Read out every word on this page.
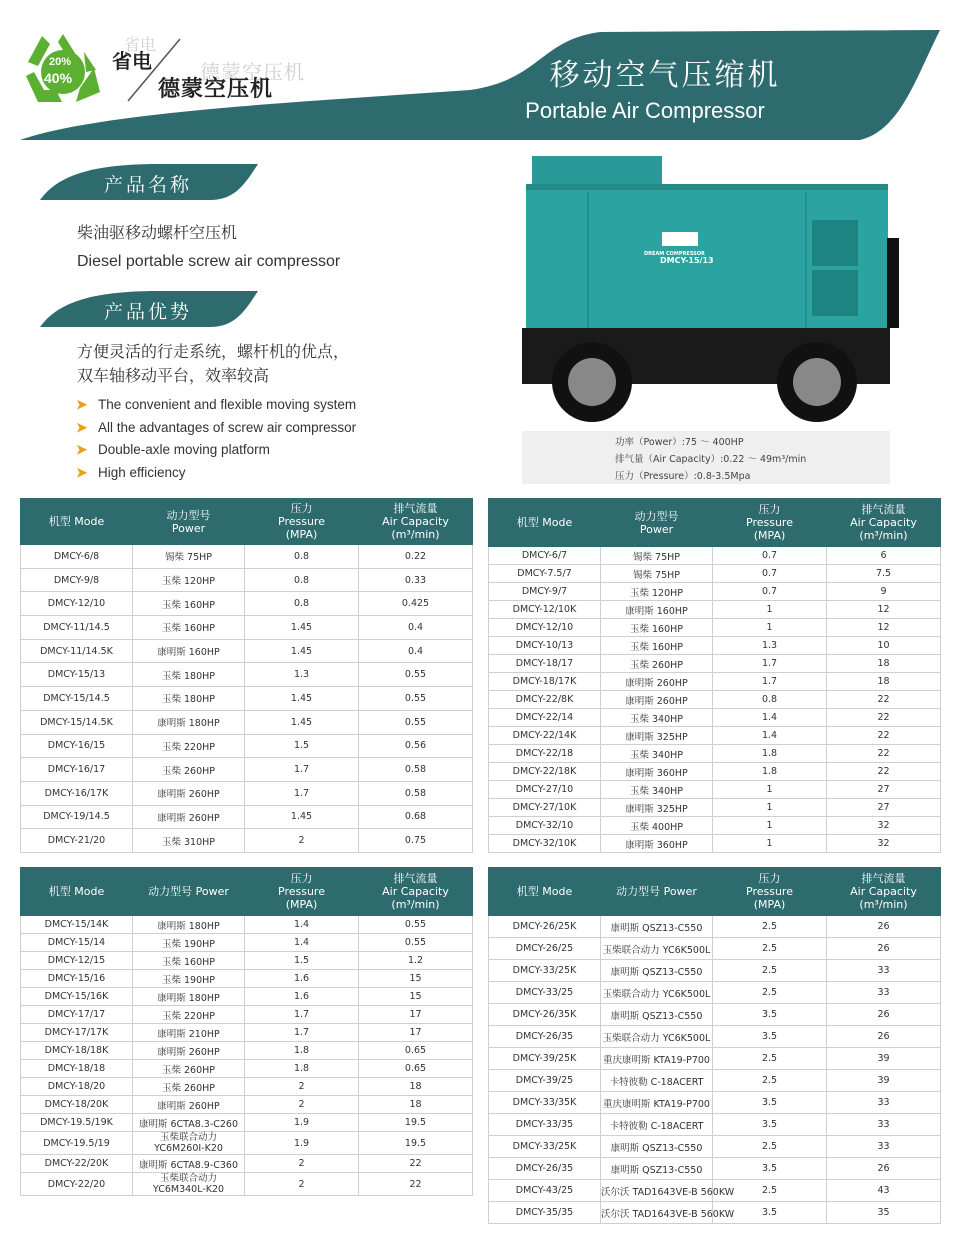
20%
40%
省电
德蒙空压机
省电
德蒙空压机	移动空气压缩机
Portable Air Compressor
产品名称
柴油驱移动螺杆空压机
Diesel portable screw air compressor
产品优势
方便灵活的行走系统，螺杆机的优点，
双车轴移动平台，效率较高
➤ The convenient and flexible moving system
➤ All the advantages of screw air compressor
➤ Double-axle moving platform
➤ High efficiency
DREAM COMPRESSOR
DMCY-15/13
功率（Power）:75 ～ 400HP
排气量（Air Capacity）:0.22 ～ 49m³/min
压力（Pressure）:0.8-3.5Mpa
机型 Mode	动力型号
Power	压力
Pressure
(MPA)	排气流量
Air Capacity
(m³/min)
DMCY-6/8	锡柴 75HP	0.8	0.22
DMCY-9/8	玉柴 120HP	0.8	0.33
DMCY-12/10	玉柴 160HP	0.8	0.425
DMCY-11/14.5	玉柴 160HP	1.45	0.4
DMCY-11/14.5K	康明斯 160HP	1.45	0.4
DMCY-15/13	玉柴 180HP	1.3	0.55
DMCY-15/14.5	玉柴 180HP	1.45	0.55
DMCY-15/14.5K	康明斯 180HP	1.45	0.55
DMCY-16/15	玉柴 220HP	1.5	0.56
DMCY-16/17	玉柴 260HP	1.7	0.58
DMCY-16/17K	康明斯 260HP	1.7	0.58
DMCY-19/14.5	康明斯 260HP	1.45	0.68
DMCY-21/20	玉柴 310HP	2	0.75
机型 Mode	动力型号
Power	压力
Pressure
(MPA)	排气流量
Air Capacity
(m³/min)
DMCY-6/7	锡柴 75HP	0.7	6
DMCY-7.5/7	锡柴 75HP	0.7	7.5
DMCY-9/7	玉柴 120HP	0.7	9
DMCY-12/10K	康明斯 160HP	1	12
DMCY-12/10	玉柴 160HP	1	12
DMCY-10/13	玉柴 160HP	1.3	10
DMCY-18/17	玉柴 260HP	1.7	18
DMCY-18/17K	康明斯 260HP	1.7	18
DMCY-22/8K	康明斯 260HP	0.8	22
DMCY-22/14	玉柴 340HP	1.4	22
DMCY-22/14K	康明斯 325HP	1.4	22
DMCY-22/18	玉柴 340HP	1.8	22
DMCY-22/18K	康明斯 360HP	1.8	22
DMCY-27/10	玉柴 340HP	1	27
DMCY-27/10K	康明斯 325HP	1	27
DMCY-32/10	玉柴 400HP	1	32
DMCY-32/10K	康明斯 360HP	1	32
机型 Mode	动力型号 Power	压力
Pressure
(MPA)	排气流量
Air Capacity
(m³/min)
DMCY-15/14K	康明斯 180HP	1.4	0.55
DMCY-15/14	玉柴 190HP	1.4	0.55
DMCY-12/15	玉柴 160HP	1.5	1.2
DMCY-15/16	玉柴 190HP	1.6	15
DMCY-15/16K	康明斯 180HP	1.6	15
DMCY-17/17	玉柴 220HP	1.7	17
DMCY-17/17K	康明斯 210HP	1.7	17
DMCY-18/18K	康明斯 260HP	1.8	0.65
DMCY-18/18	玉柴 260HP	1.8	0.65
DMCY-18/20	玉柴 260HP	2	18
DMCY-18/20K	康明斯 260HP	2	18
DMCY-19.5/19K	康明斯 6CTA8.3-C260	1.9	19.5
DMCY-19.5/19	玉柴联合动力
YC6M260I-K20	1.9	19.5
DMCY-22/20K	康明斯 6CTA8.9-C360	2	22
DMCY-22/20	玉柴联合动力
YC6M340L-K20	2	22
机型 Mode	动力型号 Power	压力
Pressure
(MPA)	排气流量
Air Capacity
(m³/min)
DMCY-26/25K	康明斯 QSZ13-C550	2.5	26
DMCY-26/25	玉柴联合动力 YC6K500L	2.5	26
DMCY-33/25K	康明斯 QSZ13-C550	2.5	33
DMCY-33/25	玉柴联合动力 YC6K500L	2.5	33
DMCY-26/35K	康明斯 QSZ13-C550	3.5	26
DMCY-26/35	玉柴联合动力 YC6K500L	3.5	26
DMCY-39/25K	重庆康明斯 KTA19-P700	2.5	39
DMCY-39/25	卡特彼勒 C-18ACERT	2.5	39
DMCY-33/35K	重庆康明斯 KTA19-P700	3.5	33
DMCY-33/35	卡特彼勒 C-18ACERT	3.5	33
DMCY-33/25K	康明斯 QSZ13-C550	2.5	33
DMCY-26/35	康明斯 QSZ13-C550	3.5	26
DMCY-43/25	沃尔沃 TAD1643VE-B 560KW	2.5	43
DMCY-35/35	沃尔沃 TAD1643VE-B 560KW	3.5	35
